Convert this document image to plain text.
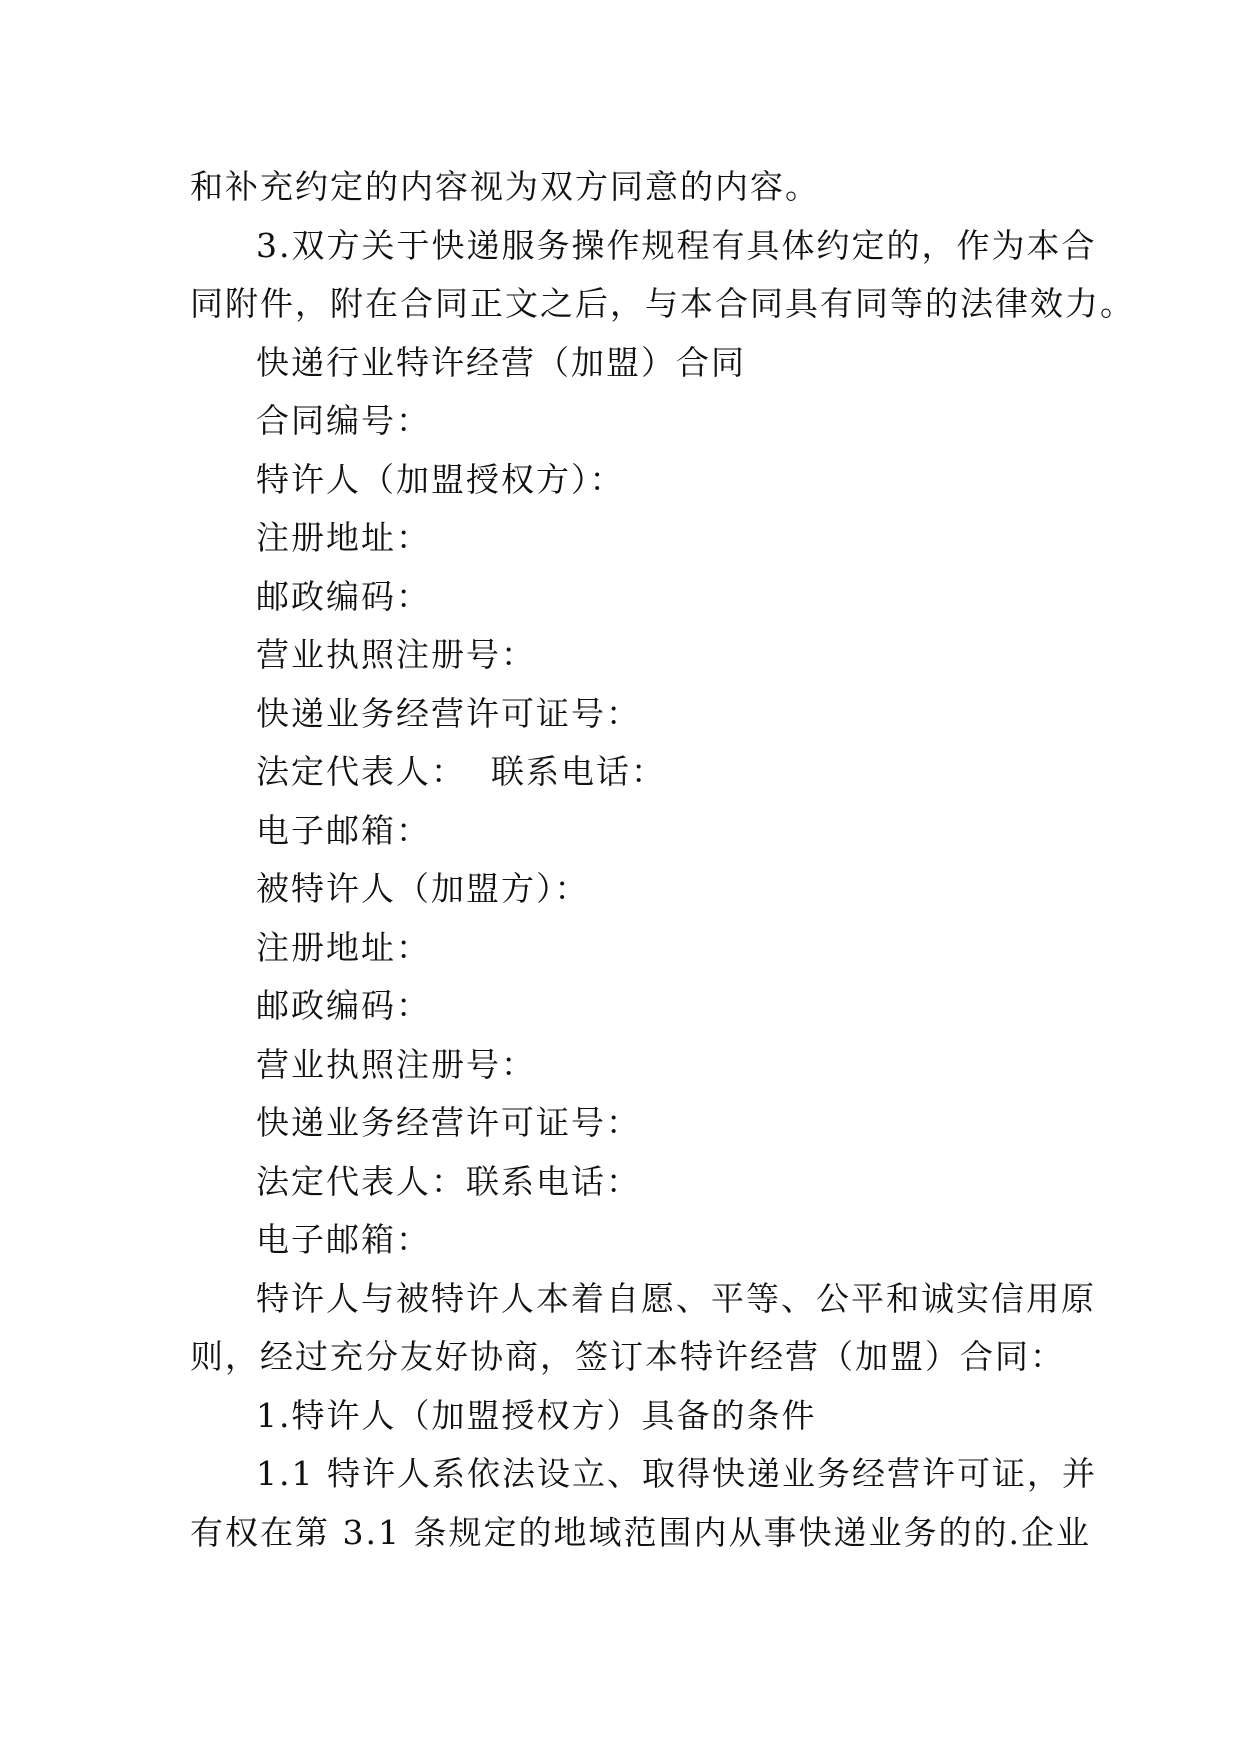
和补充约定的内容视为双方同意的内容。

3.双方关于快递服务操作规程有具体约定的，作为本合

同附件，附在合同正文之后，与本合同具有同等的法律效力。

快递行业特许经营（加盟）合同

合同编号：

特许人（加盟授权方）：

注册地址：

邮政编码：

营业执照注册号：

快递业务经营许可证号：

法定代表人：  联系电话：

电子邮箱：

被特许人（加盟方）：

注册地址：

邮政编码：

营业执照注册号：

快递业务经营许可证号：

法定代表人：联系电话：

电子邮箱：

特许人与被特许人本着自愿、平等、公平和诚实信用原

则，经过充分友好协商，签订本特许经营（加盟）合同：

1.特许人（加盟授权方）具备的条件

1.1 特许人系依法设立、取得快递业务经营许可证，并

有权在第 3.1 条规定的地域范围内从事快递业务的的.企业
